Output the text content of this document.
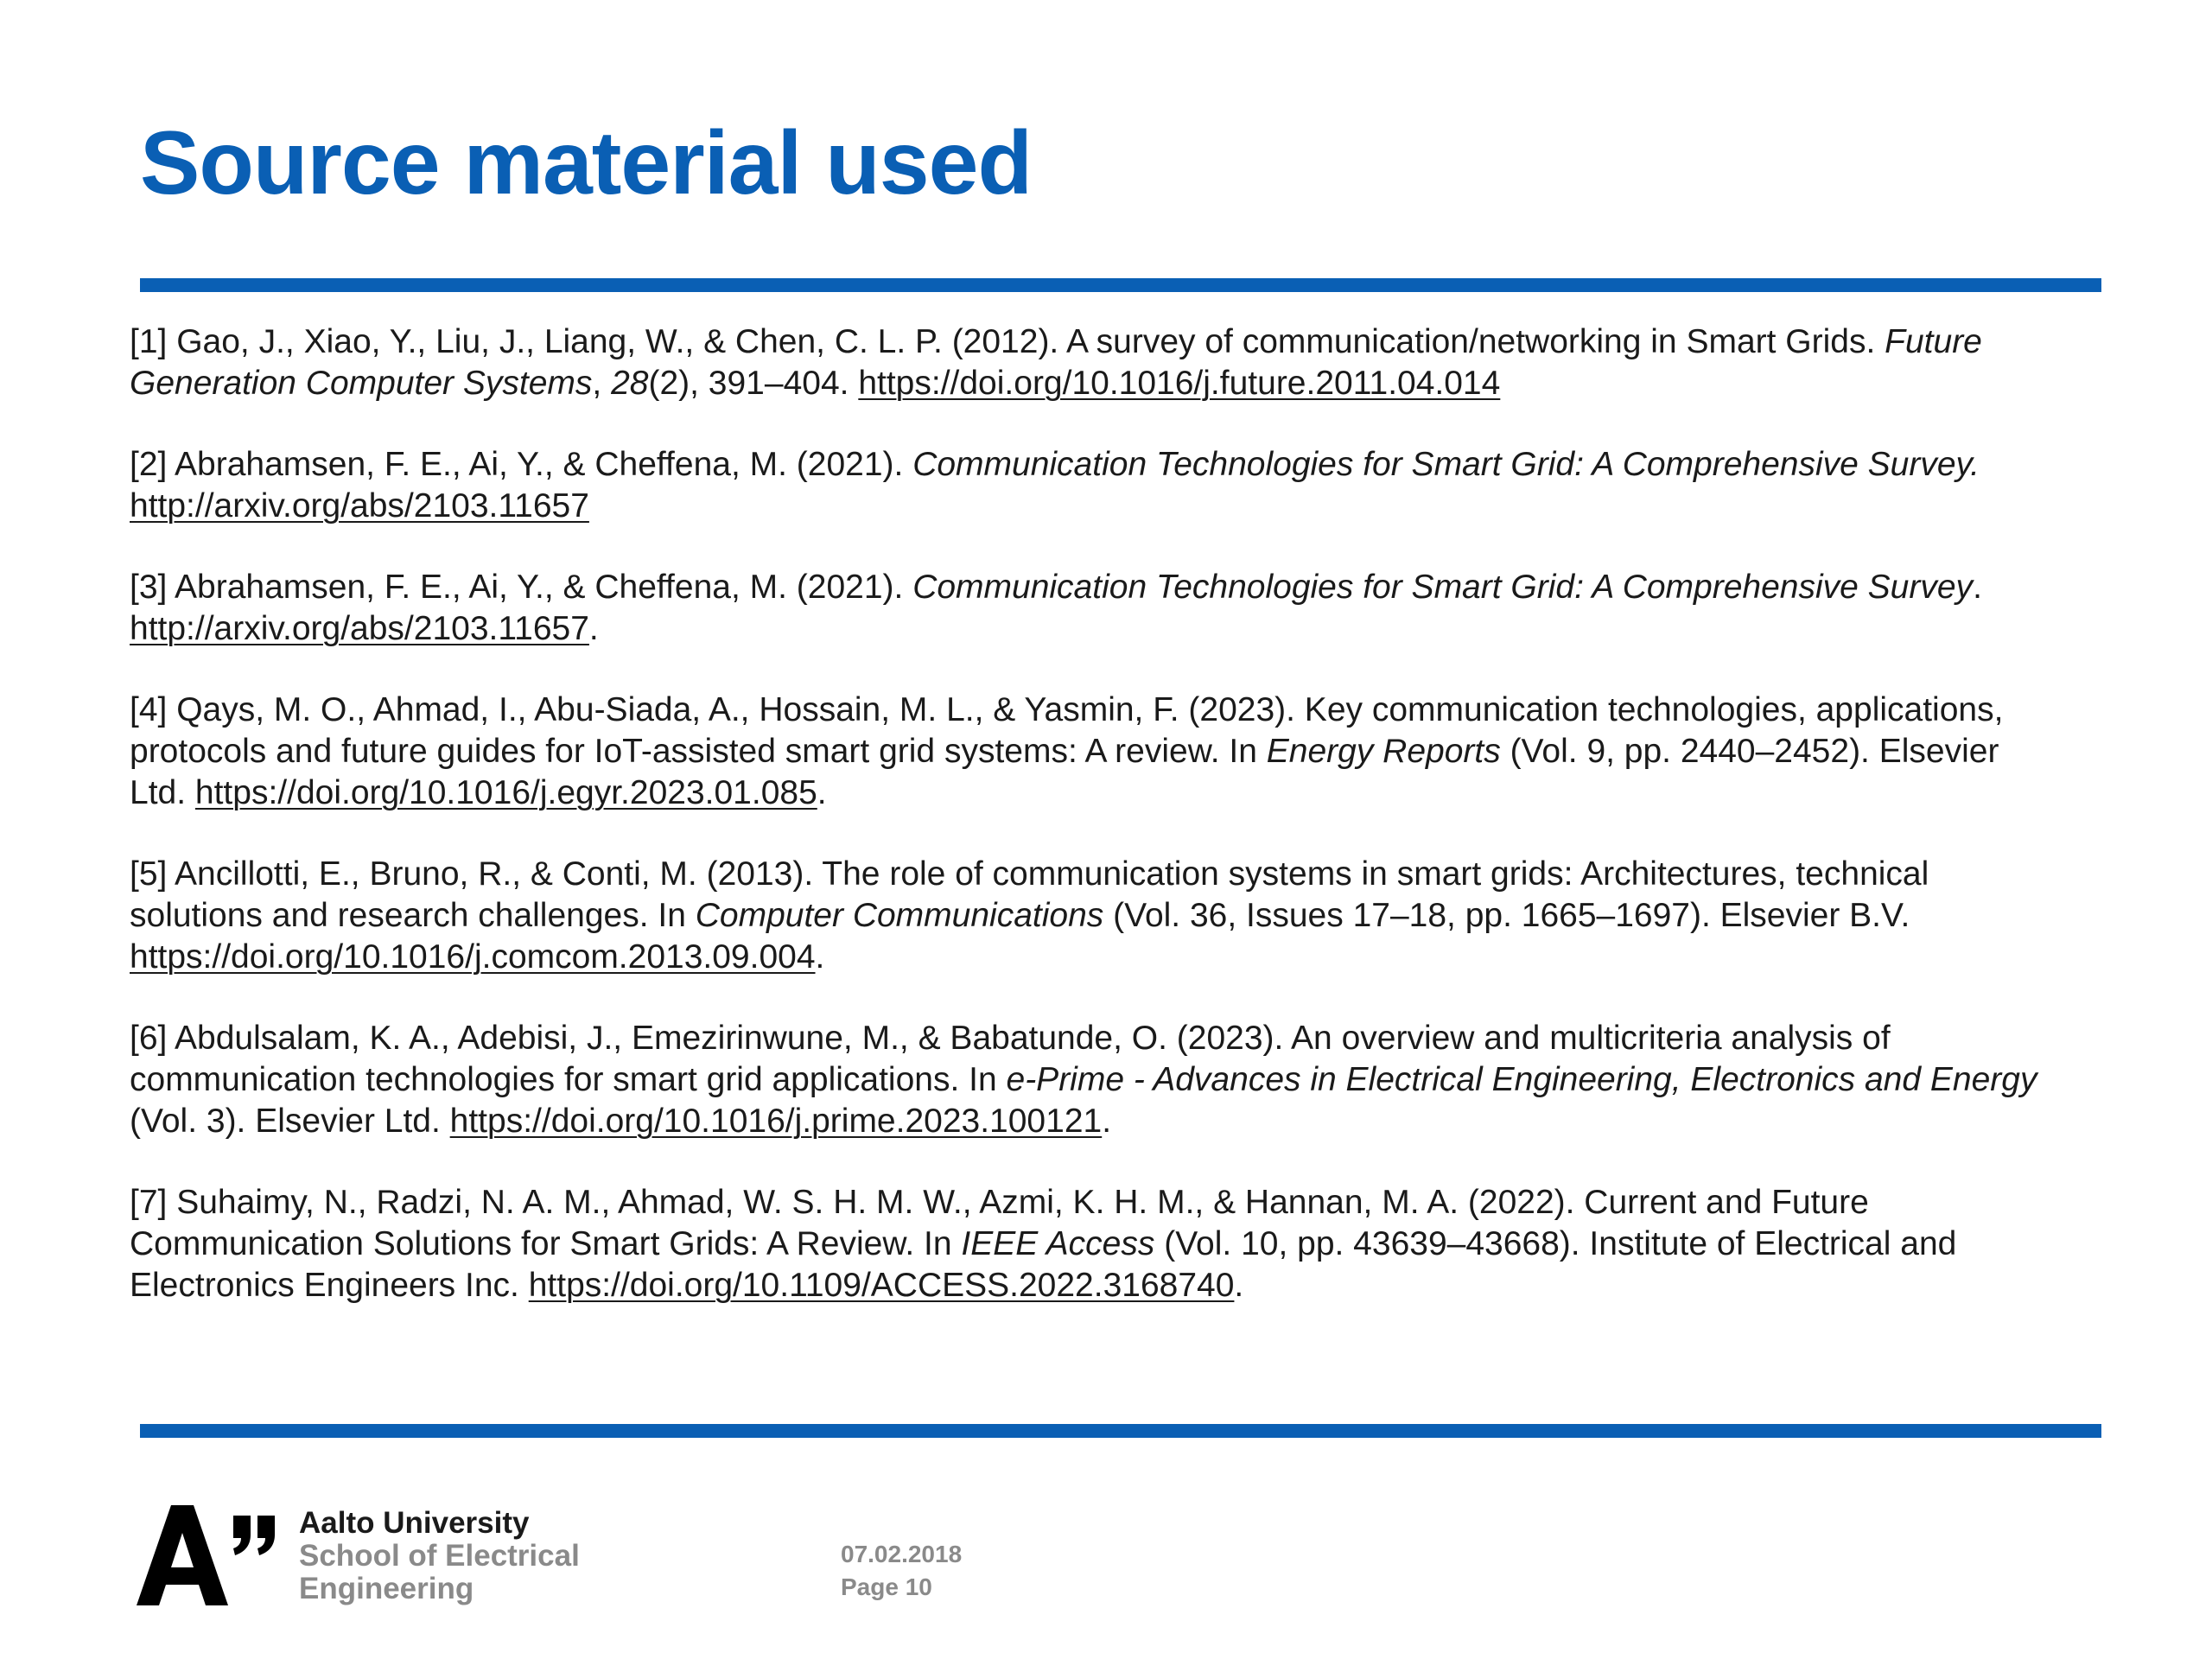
Source material used

[1] Gao, J., Xiao, Y., Liu, J., Liang, W., & Chen, C. L. P. (2012). A survey of communication/networking in Smart Grids. Future Generation Computer Systems, 28(2), 391–404. https://doi.org/10.1016/j.future.2011.04.014

[2] Abrahamsen, F. E., Ai, Y., & Cheffena, M. (2021). Communication Technologies for Smart Grid: A Comprehensive Survey. http://arxiv.org/abs/2103.11657

[3] Abrahamsen, F. E., Ai, Y., & Cheffena, M. (2021). Communication Technologies for Smart Grid: A Comprehensive Survey. http://arxiv.org/abs/2103.11657.

[4] Qays, M. O., Ahmad, I., Abu-Siada, A., Hossain, M. L., & Yasmin, F. (2023). Key communication technologies, applications, protocols and future guides for IoT-assisted smart grid systems: A review. In Energy Reports (Vol. 9, pp. 2440–2452). Elsevier Ltd. https://doi.org/10.1016/j.egyr.2023.01.085.

[5] Ancillotti, E., Bruno, R., & Conti, M. (2013). The role of communication systems in smart grids: Architectures, technical solutions and research challenges. In Computer Communications (Vol. 36, Issues 17–18, pp. 1665–1697). Elsevier B.V. https://doi.org/10.1016/j.comcom.2013.09.004.

[6] Abdulsalam, K. A., Adebisi, J., Emezirinwune, M., & Babatunde, O. (2023). An overview and multicriteria analysis of communication technologies for smart grid applications. In e-Prime - Advances in Electrical Engineering, Electronics and Energy (Vol. 3). Elsevier Ltd. https://doi.org/10.1016/j.prime.2023.100121.

[7] Suhaimy, N., Radzi, N. A. M., Ahmad, W. S. H. M. W., Azmi, K. H. M., & Hannan, M. A. (2022). Current and Future Communication Solutions for Smart Grids: A Review. In IEEE Access (Vol. 10, pp. 43639–43668). Institute of Electrical and Electronics Engineers Inc. https://doi.org/10.1109/ACCESS.2022.3168740.

Aalto University
School of Electrical
Engineering
07.02.2018
Page 10
